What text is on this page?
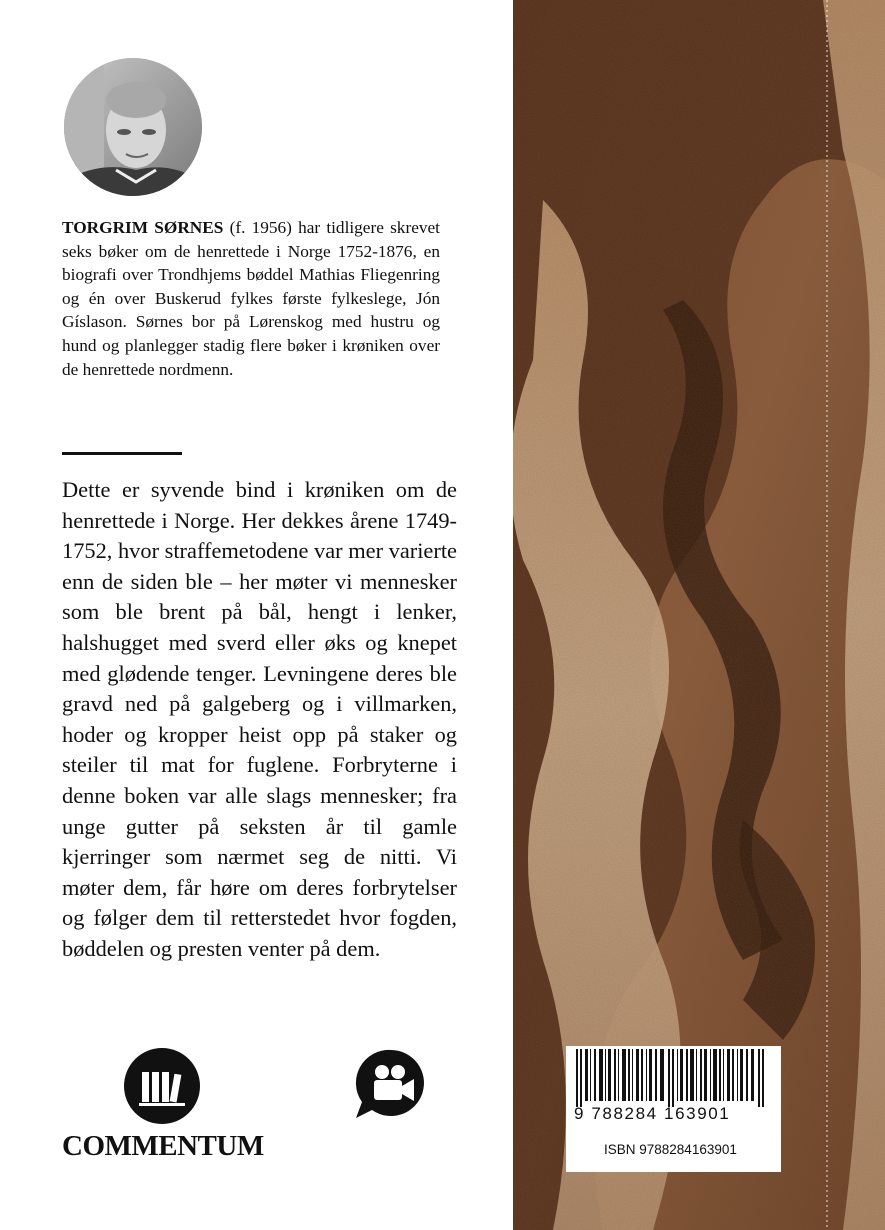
TORGRIM SØRNES (f. 1956) har tidligere skrevet seks bøker om de henrettede i Norge 1752-1876, en biografi over Trondhjems bøddel Mathias Fliegenring og én over Buskerud fylkes første fylkeslege, Jón Gíslason. Sørnes bor på Lørenskog med hustru og hund og planlegger stadig flere bøker i krøniken over de henrettede nordmenn.

Dette er syvende bind i krøniken om de henrettede i Norge. Her dekkes årene 1749-1752, hvor straffemetodene var mer varierte enn de siden ble – her møter vi mennesker som ble brent på bål, hengt i lenker, halshugget med sverd eller øks og knepet med glødende tenger. Levningene deres ble gravd ned på galgeberg og i villmarken, hoder og kropper heist opp på staker og steiler til mat for fuglene. Forbryterne i denne boken var alle slags mennesker; fra unge gutter på seksten år til gamle kjerringer som nærmet seg de nitti. Vi møter dem, får høre om deres forbrytelser og følger dem til retterstedet hvor fogden, bøddelen og presten venter på dem.

COMMENTUM
9 788284 163901
ISBN 9788284163901
